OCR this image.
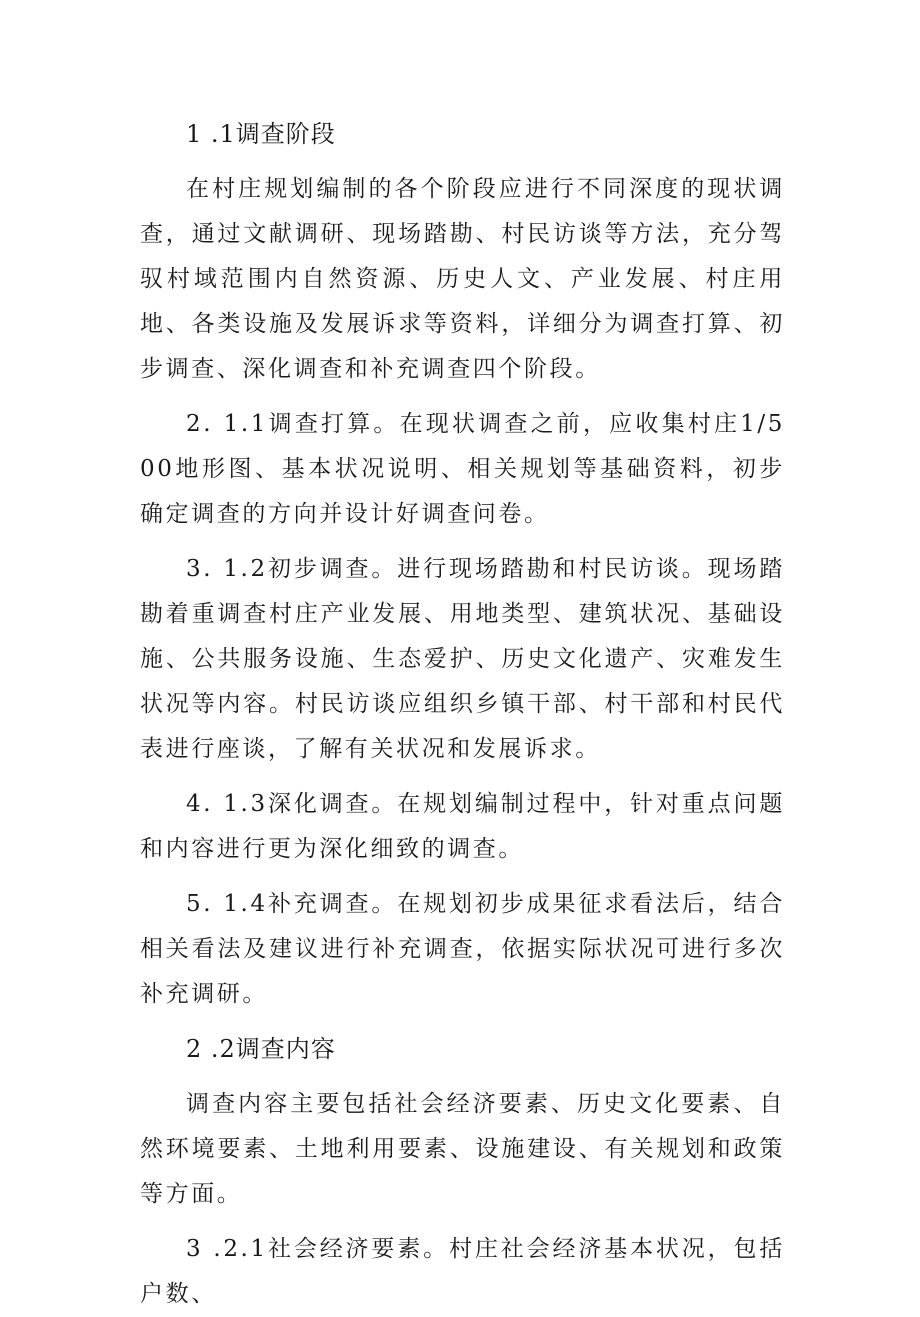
1 .1调查阶段

在村庄规划编制的各个阶段应进行不同深度的现状调查，通过文献调研、现场踏勘、村民访谈等方法，充分驾驭村域范围内自然资源、历史人文、产业发展、村庄用地、各类设施及发展诉求等资料，详细分为调查打算、初步调查、深化调查和补充调查四个阶段。

2. 1.1调查打算。在现状调查之前，应收集村庄1/500地形图、基本状况说明、相关规划等基础资料，初步确定调查的方向并设计好调查问卷。

3. 1.2初步调查。进行现场踏勘和村民访谈。现场踏勘着重调查村庄产业发展、用地类型、建筑状况、基础设施、公共服务设施、生态爱护、历史文化遗产、灾难发生状况等内容。村民访谈应组织乡镇干部、村干部和村民代表进行座谈，了解有关状况和发展诉求。

4. 1.3深化调查。在规划编制过程中，针对重点问题和内容进行更为深化细致的调查。

5. 1.4补充调查。在规划初步成果征求看法后，结合相关看法及建议进行补充调查，依据实际状况可进行多次补充调研。

2 .2调查内容

调查内容主要包括社会经济要素、历史文化要素、自然环境要素、土地利用要素、设施建设、有关规划和政策等方面。

3 .2.1社会经济要素。村庄社会经济基本状况，包括户数、
